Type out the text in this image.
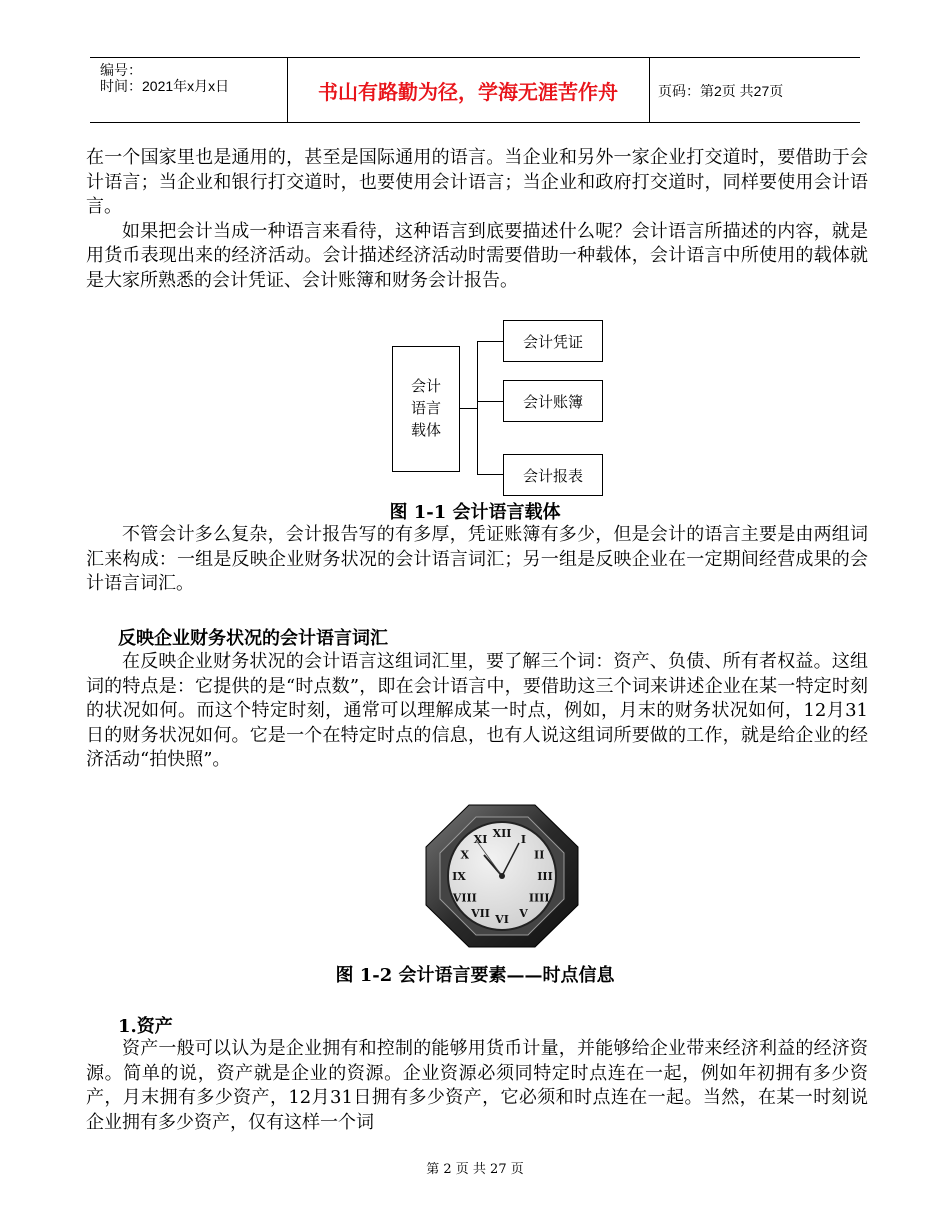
编号：
时间：2021年x月x日	书山有路勤为径，学海无涯苦作舟	页码：第2页 共27页

在一个国家里也是通用的，甚至是国际通用的语言。当企业和另外一家企业打交道时，要借助于会计语言；当企业和银行打交道时，也要使用会计语言；当企业和政府打交道时，同样要使用会计语言。

如果把会计当成一种语言来看待，这种语言到底要描述什么呢？会计语言所描述的内容，就是用货币表现出来的经济活动。会计描述经济活动时需要借助一种载体，会计语言中所使用的载体就是大家所熟悉的会计凭证、会计账簿和财务会计报告。

会计
语言
载体
会计凭证
会计账簿
会计报表
图 1-1 会计语言载体

不管会计多么复杂，会计报告写的有多厚，凭证账簿有多少，但是会计的语言主要是由两组词汇来构成：一组是反映企业财务状况的会计语言词汇；另一组是反映企业在一定期间经营成果的会计语言词汇。

反映企业财务状况的会计语言词汇

在反映企业财务状况的会计语言这组词汇里，要了解三个词：资产、负债、所有者权益。这组词的特点是：它提供的是“时点数”，即在会计语言中，要借助这三个词来讲述企业在某一特定时刻的状况如何。而这个特定时刻，通常可以理解成某一时点，例如，月末的财务状况如何，12月31日的财务状况如何。它是一个在特定时点的信息，也有人说这组词所要做的工作，就是给企业的经济活动“拍快照”。

XII I
II
III
IIII
V
VI
VII
VIII
IX
X
XI
图 1-2 会计语言要素——时点信息
1.资产

资产一般可以认为是企业拥有和控制的能够用货币计量，并能够给企业带来经济利益的经济资源。简单的说，资产就是企业的资源。企业资源必须同特定时点连在一起，例如年初拥有多少资产，月末拥有多少资产，12月31日拥有多少资产，它必须和时点连在一起。当然，在某一时刻说企业拥有多少资产，仅有这样一个词

第 2 页 共 27 页
